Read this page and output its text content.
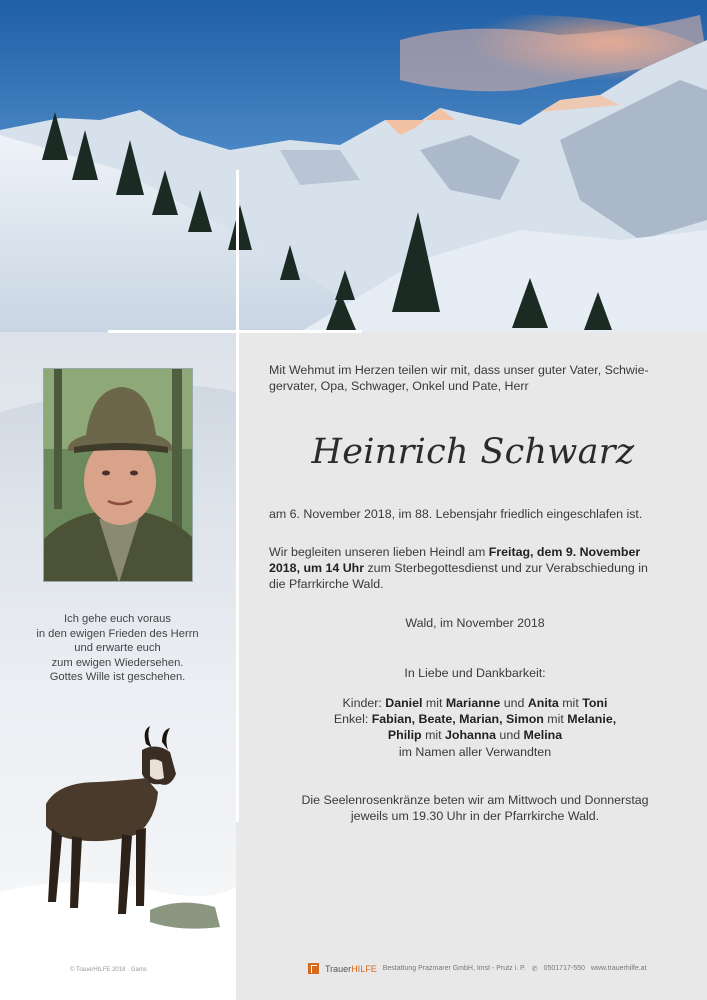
Ich gehe euch voraus
in den ewigen Frieden des Herrn
und erwarte euch
zum ewigen Wiedersehen.
Gottes Wille ist geschehen.
Mit Wehmut im Herzen teilen wir mit, dass unser guter Vater, Schwie-
gervater, Opa, Schwager, Onkel und Pate, Herr
Heinrich Schwarz
am 6. November 2018, im 88. Lebensjahr friedlich eingeschlafen ist.
Wir begleiten unseren lieben Heindl am Freitag, dem 9. November
2018, um 14 Uhr zum Sterbegottesdienst und zur Verabschiedung in
die Pfarrkirche Wald.
Wald, im November 2018
In Liebe und Dankbarkeit:
Kinder: Daniel mit Marianne und Anita mit Toni
Enkel: Fabian, Beate, Marian, Simon mit Melanie,
Philip mit Johanna und Melina
im Namen aller Verwandten
Die Seelenrosenkränze beten wir am Mittwoch und Donnerstag
jeweils um 19.30 Uhr in der Pfarrkirche Wald.
© TrauerHILFE 2018 · Gams	TrauerHILFE Bestattung Prazmarer GmbH, Imst - Prutz i. P. ✆ 0501717-550 www.trauerhilfe.at
